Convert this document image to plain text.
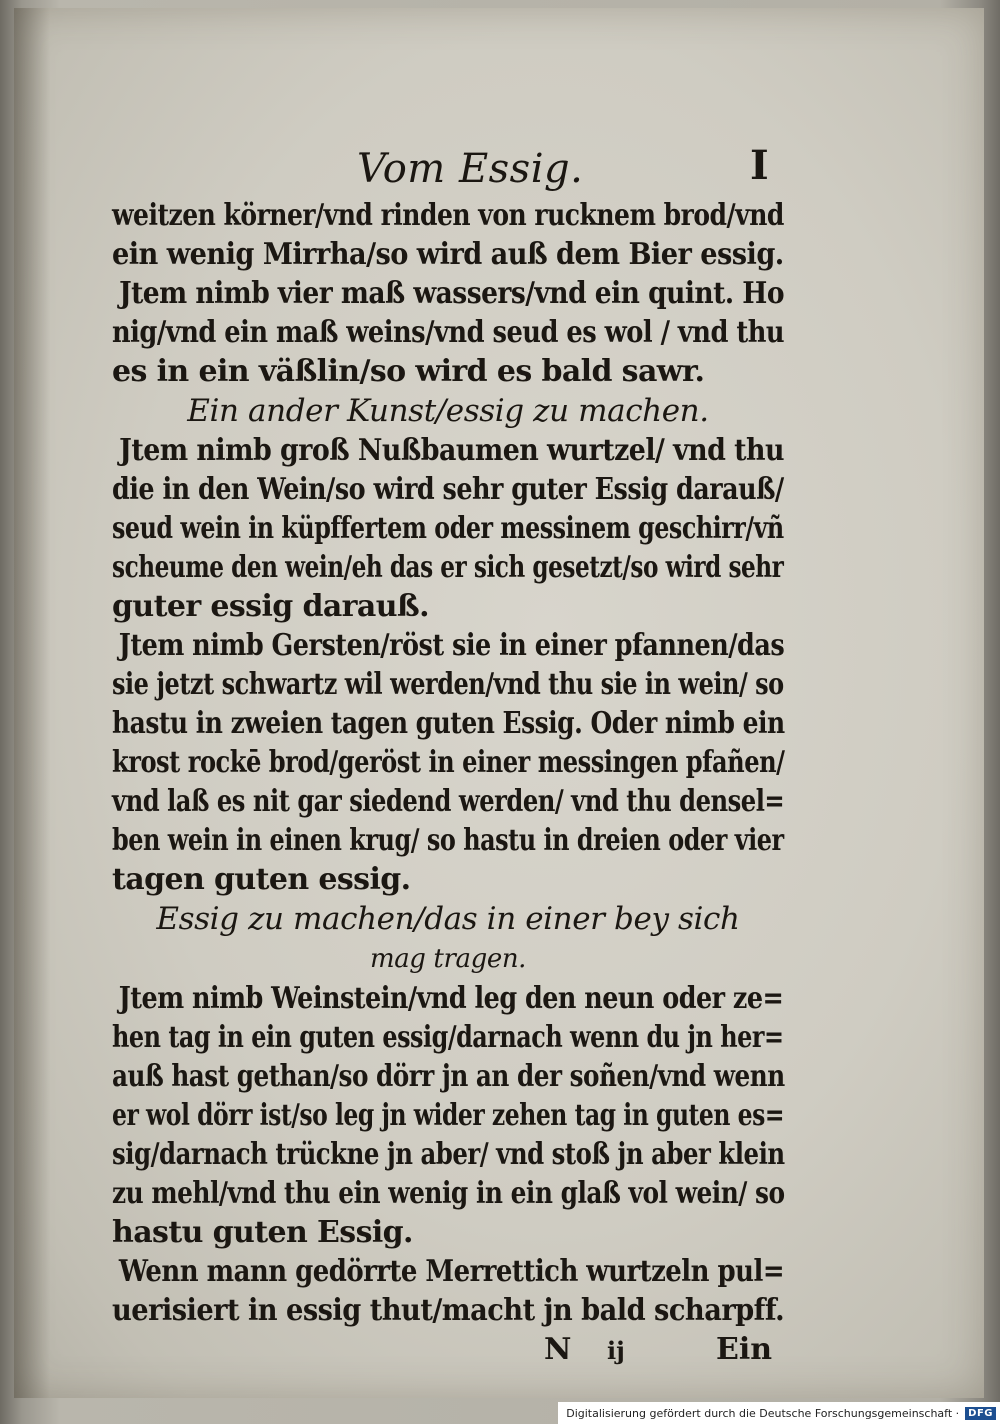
Vom Essig.	I
weitzen körner/vnd rinden von rucknem brod/vnd
ein wenig Mirrha/so wird auß dem Bier essig.
Jtem nimb vier maß wassers/vnd ein quint. Ho
nig/vnd ein maß weins/vnd seud es wol / vnd thu
es in ein väßlin/so wird es bald sawr.
Ein ander Kunst/essig zu machen.
Jtem nimb groß Nußbaumen wurtzel/ vnd thu
die in den Wein/so wird sehr guter Essig darauß/
seud wein in küpffertem oder messinem geschirr/vñ
scheume den wein/eh das er sich gesetzt/so wird sehr
guter essig darauß.
Jtem nimb Gersten/röst sie in einer pfannen/das
sie jetzt schwartz wil werden/vnd thu sie in wein/ so
hastu in zweien tagen guten Essig. Oder nimb ein
krost rockē brod/geröst in einer messingen pfañen/
vnd laß es nit gar siedend werden/ vnd thu densel=
ben wein in einen krug/ so hastu in dreien oder vier
tagen guten essig.
Essig zu machen/das in einer bey sich
mag tragen.
Jtem nimb Weinstein/vnd leg den neun oder ze=
hen tag in ein guten essig/darnach wenn du jn her=
auß hast gethan/so dörr jn an der soñen/vnd wenn
er wol dörr ist/so leg jn wider zehen tag in guten es=
sig/darnach trückne jn aber/ vnd stoß jn aber klein
zu mehl/vnd thu ein wenig in ein glaß vol wein/ so
hastu guten Essig.
Wenn mann gedörrte Merrettich wurtzeln pul=
uerisiert in essig thut/macht jn bald scharpff.
N ij	Ein
Digitalisierung gefördert durch die Deutsche Forschungsgemeinschaft · DFG
